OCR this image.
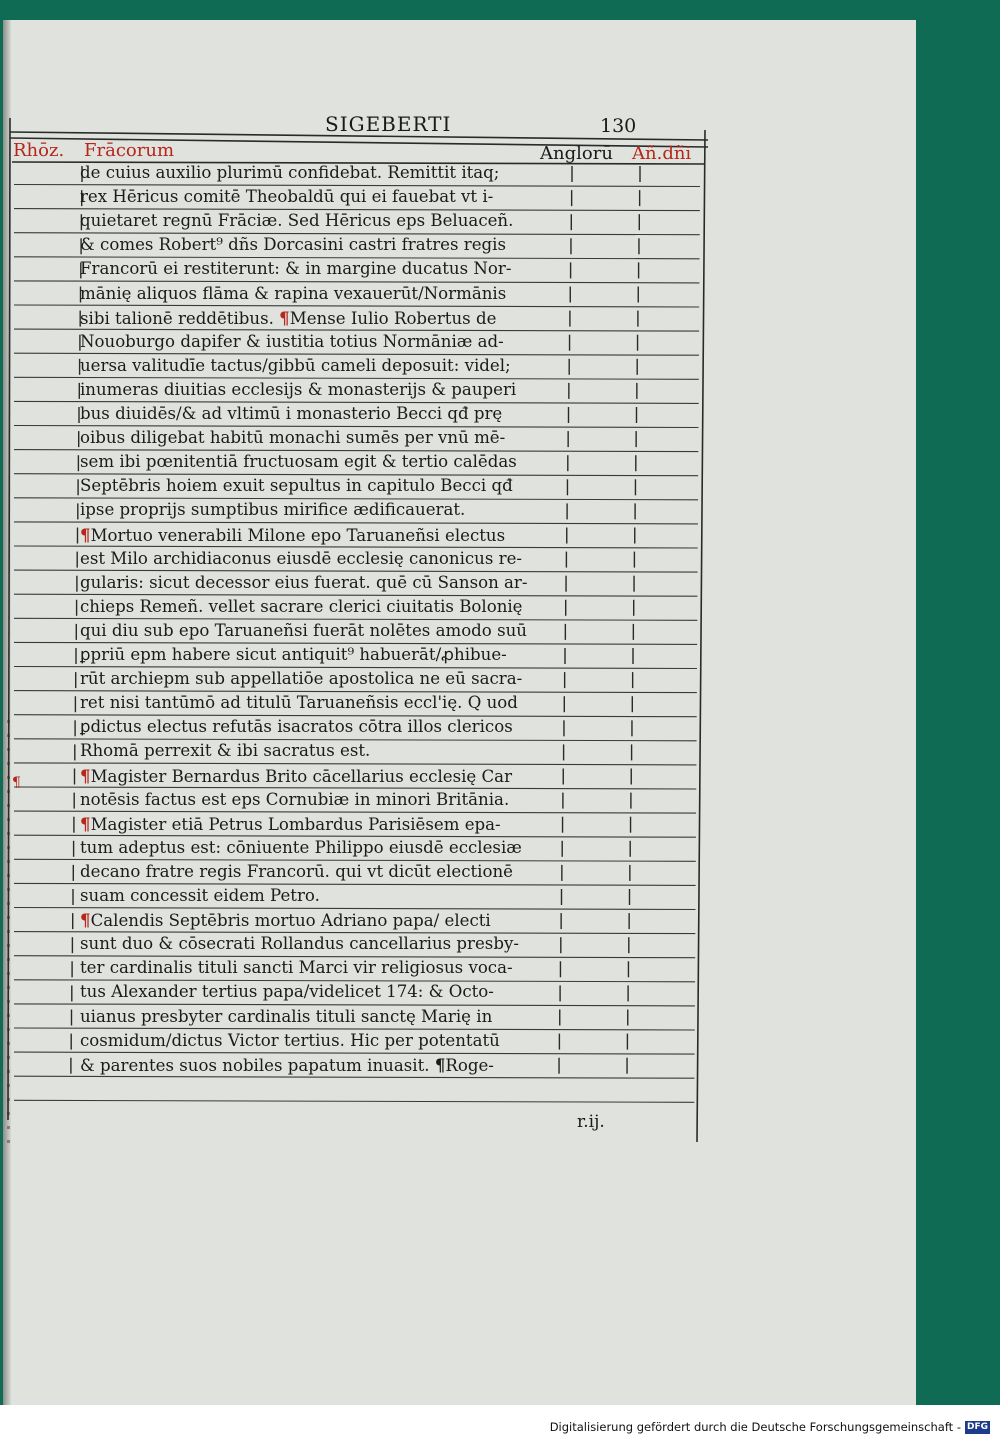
SIGEBERTI	130
Rhōz. Frācorum	Anglorū Añ.dñi
de cuius auxilio plurimū confidebat. Remittit itaq;
rex Hēricus comitē Theobaldū qui ei fauebat vt i-
quietaret regnū Frāciæ. Sed Hēricus eps Beluaceñ.
& comes Robert⁹ dñs Dorcasini castri fratres regis
Francorū ei restiterunt: & in margine ducatus Nor-
mānię aliquos flāma & rapina vexauerūt/Normānis
sibi talionē reddētibus. ¶Mense Iulio Robertus de
Nouoburgo dapifer & iustitia totius Normāniæ ad-
uersa valitudīe tactus/gibbū cameli deposuit: videl;
inumeras diuitias ecclesijs & monasterijs & pauperi
bus diuidēs/& ad vltimū i monasterio Becci qđ prę
oibus diligebat habitū monachi sumēs per vnū mē-
sem ibi pœnitentiā fructuosam egit & tertio calēdas
Septēbris hoiem exuit sepultus in capitulo Becci qđ
ipse proprijs sumptibus mirifice ædificauerat.
¶Mortuo venerabili Milone epo Taruaneñsi electus
est Milo archidiaconus eiusdē ecclesię canonicus re-
gularis: sicut decessor eius fuerat. quē cū Sanson ar-
chieps Remeñ. vellet sacrare clerici ciuitatis Bolonię
qui diu sub epo Taruaneñsi fuerāt nolētes amodo suū
ꝑpriū epm habere sicut antiquit⁹ habuerāt/ꝓhibue-
rūt archiepm sub appellatiōe apostolica ne eū sacra-
ret nisi tantūmō ad titulū Taruaneñsis eccl'ię. Q uod
ꝑdictus electus refutās isacratos cōtra illos clericos
Rhomā perrexit & ibi sacratus est.
¶Magister Bernardus Brito cācellarius ecclesię Car
notēsis factus est eps Cornubiæ in minori Britānia.
¶Magister etiā Petrus Lombardus Parisiēsem epa-
tum adeptus est: cōniuente Philippo eiusdē ecclesiæ
decano fratre regis Francorū. qui vt dicūt electionē
suam concessit eidem Petro.
¶Calendis Septēbris mortuo Adriano papa/ electi
sunt duo & cōsecrati Rollandus cancellarius presby-
ter cardinalis tituli sancti Marci vir religiosus voca-
tus Alexander tertius papa/videlicet 174: & Octo-
uianus presbyter cardinalis tituli sanctę Marię in
cosmidum/dictus Victor tertius. Hic per potentatū
& parentes suos nobiles papatum inuasit. ¶Roge-
¶
r.ij.
Digitalisierung gefördert durch die Deutsche Forschungsgemeinschaft - DFG
